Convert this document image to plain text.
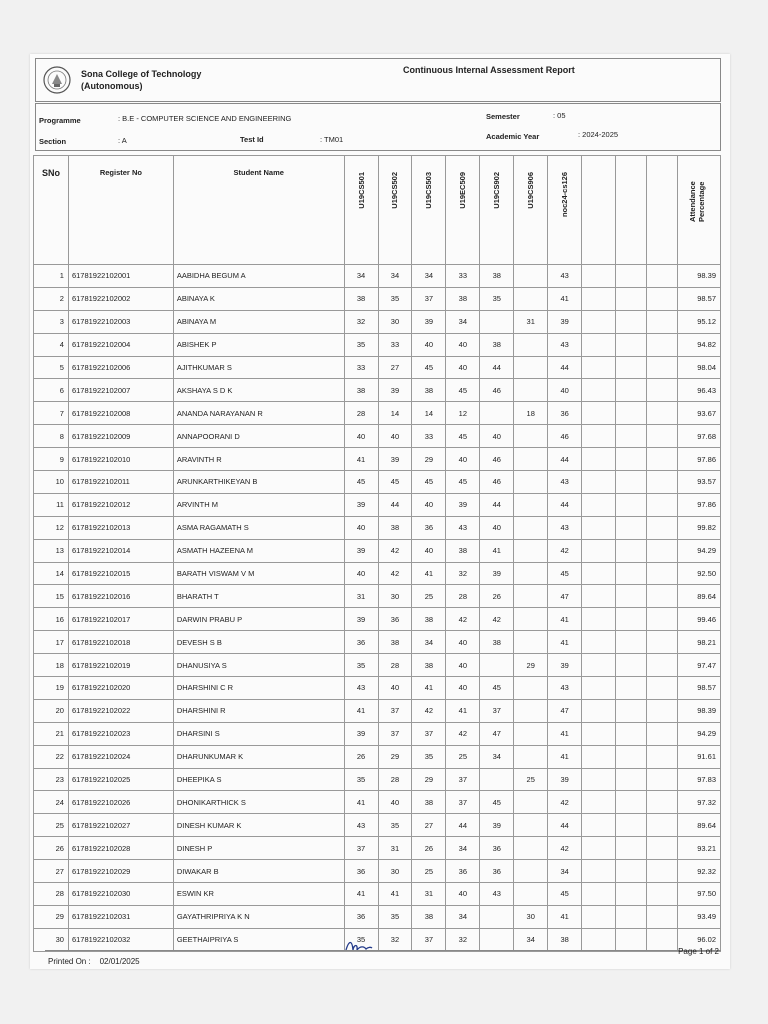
Sona College of Technology
(Autonomous)
Continuous Internal Assessment Report
Programme	: B.E - COMPUTER SCIENCE AND ENGINEERING	Semester	: 05
Section	: A	Test Id	: TM01	Academic Year	: 2024-2025
SNo	Register No	Student Name	U19CS501	U19CS502	U19CS503	U19EC509	U19CS902	U19CS906	noc24-cs126				Attendance Percentage
1	61781922102001	AABIDHA BEGUM A	34	34	34	33	38		43				98.39
2	61781922102002	ABINAYA K	38	35	37	38	35		41				98.57
3	61781922102003	ABINAYA M	32	30	39	34		31	39				95.12
4	61781922102004	ABISHEK P	35	33	40	40	38		43				94.82
5	61781922102006	AJITHKUMAR S	33	27	45	40	44		44				98.04
6	61781922102007	AKSHAYA S D K	38	39	38	45	46		40				96.43
7	61781922102008	ANANDA NARAYANAN R	28	14	14	12		18	36				93.67
8	61781922102009	ANNAPOORANI D	40	40	33	45	40		46				97.68
9	61781922102010	ARAVINTH R	41	39	29	40	46		44				97.86
10	61781922102011	ARUNKARTHIKEYAN B	45	45	45	45	46		43				93.57
11	61781922102012	ARVINTH M	39	44	40	39	44		44				97.86
12	61781922102013	ASMA RAGAMATH S	40	38	36	43	40		43				99.82
13	61781922102014	ASMATH HAZEENA M	39	42	40	38	41		42				94.29
14	61781922102015	BARATH VISWAM V M	40	42	41	32	39		45				92.50
15	61781922102016	BHARATH T	31	30	25	28	26		47				89.64
16	61781922102017	DARWIN PRABU P	39	36	38	42	42		41				99.46
17	61781922102018	DEVESH S B	36	38	34	40	38		41				98.21
18	61781922102019	DHANUSIYA S	35	28	38	40		29	39				97.47
19	61781922102020	DHARSHINI C R	43	40	41	40	45		43				98.57
20	61781922102022	DHARSHINI R	41	37	42	41	37		47				98.39
21	61781922102023	DHARSINI S	39	37	37	42	47		41				94.29
22	61781922102024	DHARUNKUMAR K	26	29	35	25	34		41				91.61
23	61781922102025	DHEEPIKA S	35	28	29	37		25	39				97.83
24	61781922102026	DHONIKARTHICK S	41	40	38	37	45		42				97.32
25	61781922102027	DINESH KUMAR K	43	35	27	44	39		44				89.64
26	61781922102028	DINESH P	37	31	26	34	36		42				93.21
27	61781922102029	DIWAKAR B	36	30	25	36	36		34				92.32
28	61781922102030	ESWIN KR	41	41	31	40	43		45				97.50
29	61781922102031	GAYATHRIPRIYA K N	36	35	38	34		30	41				93.49
30	61781922102032	GEETHAIPRIYA S	35	32	37	32		34	38				96.02
Printed On : 02/01/2025
Page 1 of 2
